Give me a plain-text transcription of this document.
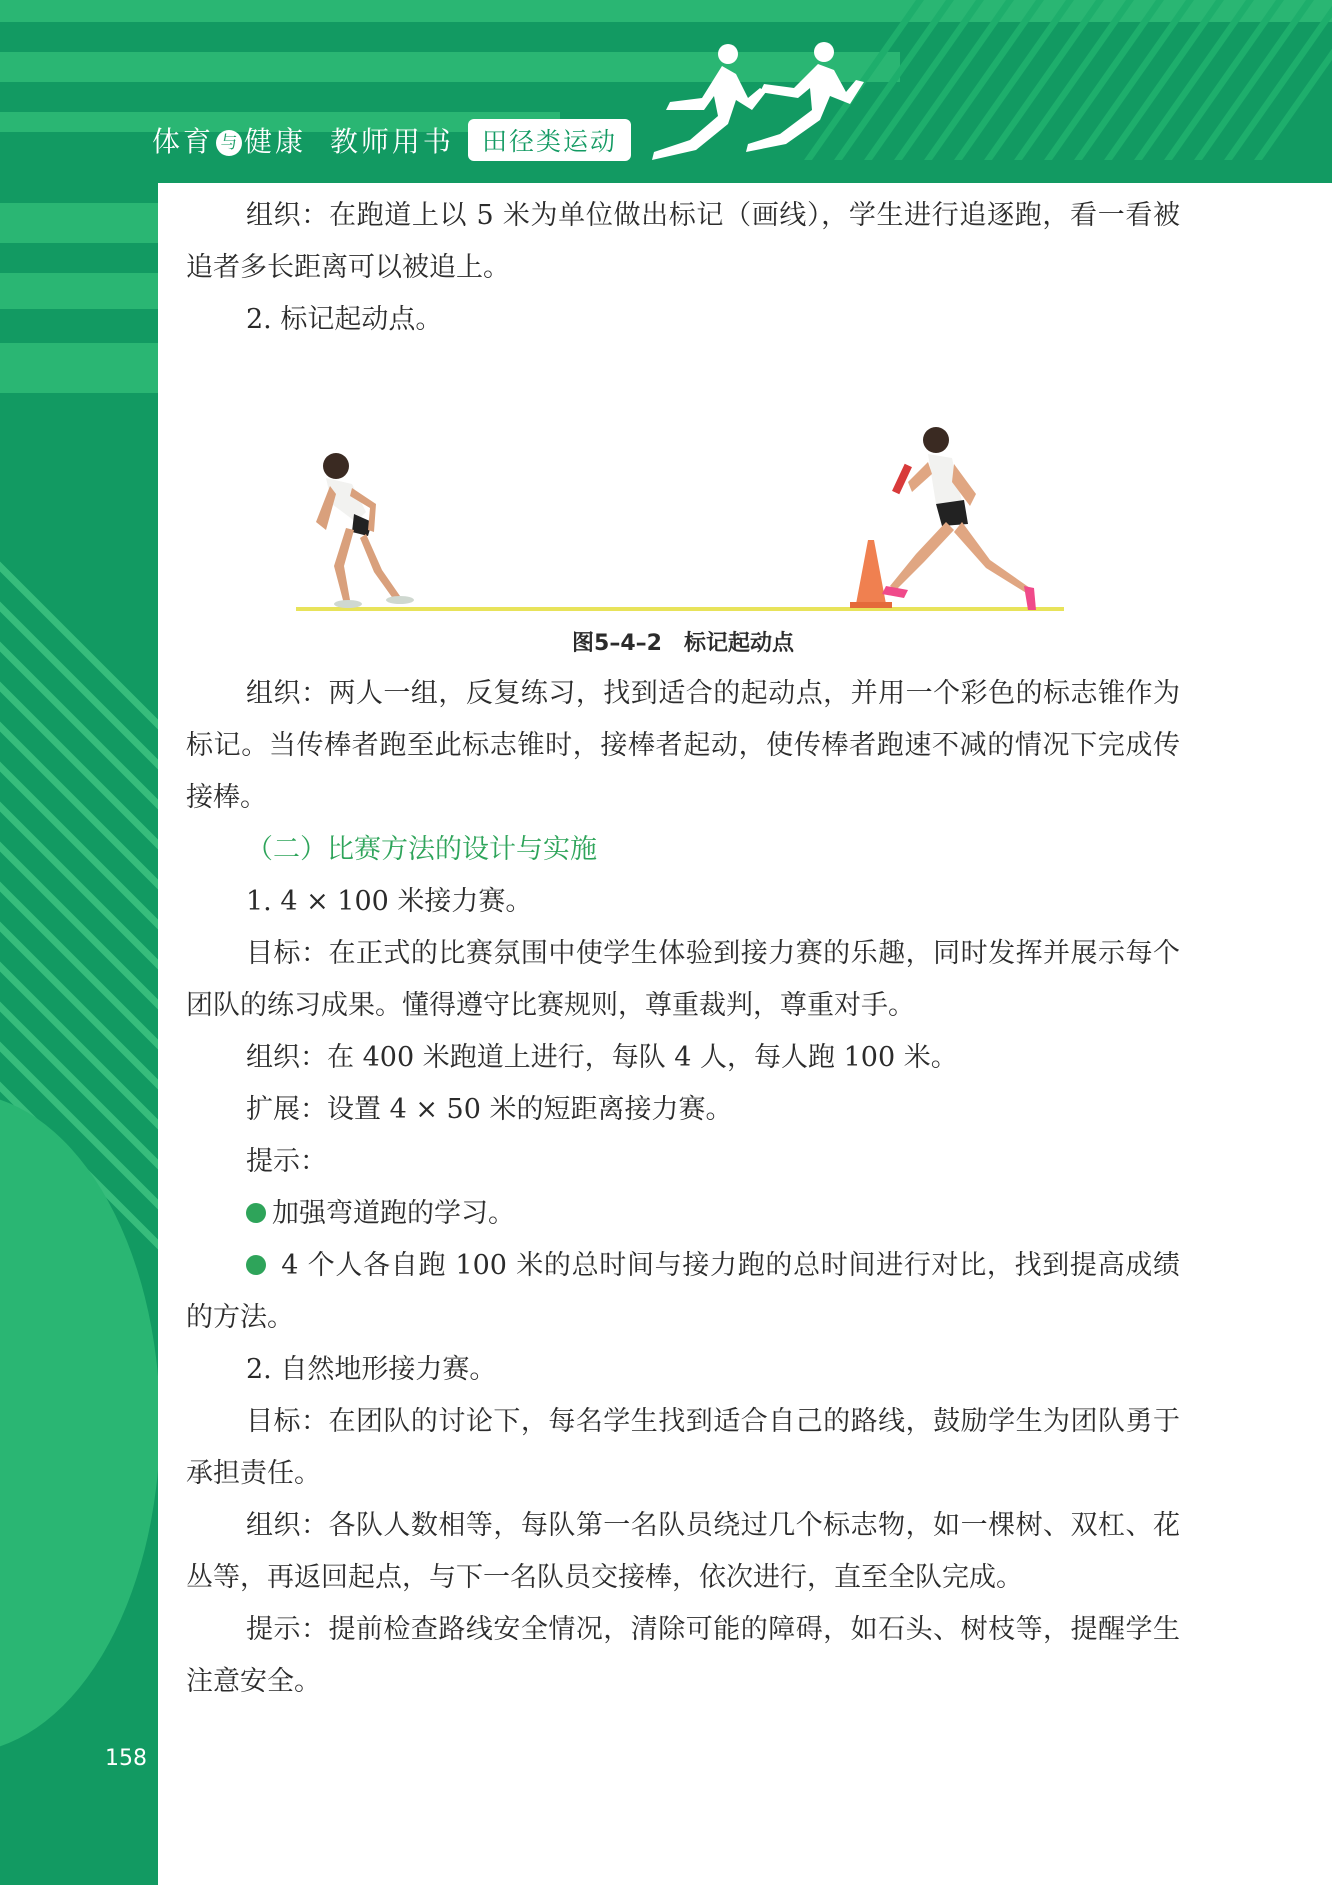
体育 与 健康 教师用书	田径类运动
158

组织：在跑道上以 5 米为单位做出标记（画线），学生进行追逐跑，看一看被追者多长距离可以被追上。

2. 标记起动点。

图5–4–2　标记起动点

组织：两人一组，反复练习，找到适合的起动点，并用一个彩色的标志锥作为标记。当传棒者跑至此标志锥时，接棒者起动，使传棒者跑速不减的情况下完成传接棒。

（二）比赛方法的设计与实施

1. 4 × 100 米接力赛。

目标：在正式的比赛氛围中使学生体验到接力赛的乐趣，同时发挥并展示每个团队的练习成果。懂得遵守比赛规则，尊重裁判，尊重对手。

组织：在 400 米跑道上进行，每队 4 人，每人跑 100 米。

扩展：设置 4 × 50 米的短距离接力赛。

提示：

加强弯道跑的学习。

4 个人各自跑 100 米的总时间与接力跑的总时间进行对比，找到提高成绩的方法。

2. 自然地形接力赛。

目标：在团队的讨论下，每名学生找到适合自己的路线，鼓励学生为团队勇于承担责任。

组织：各队人数相等，每队第一名队员绕过几个标志物，如一棵树、双杠、花丛等，再返回起点，与下一名队员交接棒，依次进行，直至全队完成。

提示：提前检查路线安全情况，清除可能的障碍，如石头、树枝等，提醒学生注意安全。
